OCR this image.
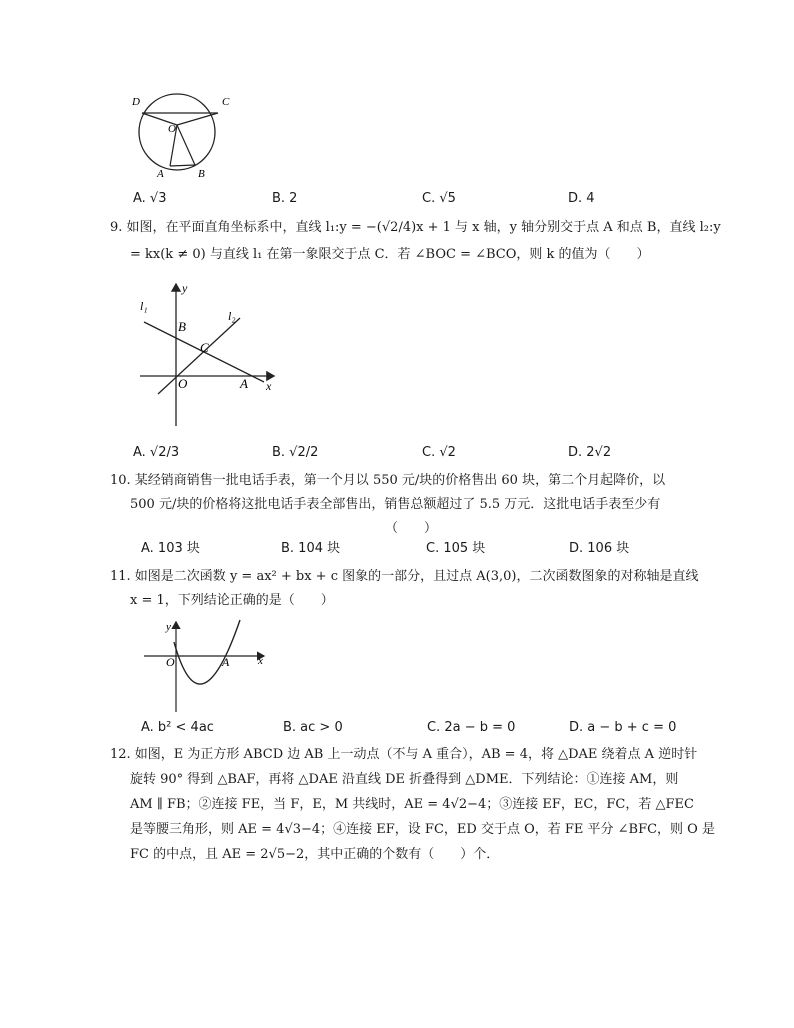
D	C
O
A	B
A. √3	B. 2	C. √5	D. 4
9. 如图，在平面直角坐标系中，直线 l₁:y = −(√2/4)x + 1 与 x 轴，y 轴分别交于点 A 和点 B，直线 l₂:y
= kx(k ≠ 0) 与直线 l₁ 在第一象限交于点 C．若 ∠BOC = ∠BCO，则 k 的值为（　　）
y
l₁
l₂
B
C
O	A x
A. √2/3	B. √2/2	C. √2	D. 2√2
10. 某经销商销售一批电话手表，第一个月以 550 元/块的价格售出 60 块，第二个月起降价，以
500 元/块的价格将这批电话手表全部售出，销售总额超过了 5.5 万元．这批电话手表至少有
（　　）
A. 103 块	B. 104 块	C. 105 块	D. 106 块
11. 如图是二次函数 y = ax² + bx + c 图象的一部分，且过点 A(3,0)，二次函数图象的对称轴是直线
x = 1，下列结论正确的是（　　）
y
O	A	x
A. b² < 4ac	B. ac > 0	C. 2a − b = 0	D. a − b + c = 0
12. 如图，E 为正方形 ABCD 边 AB 上一动点（不与 A 重合），AB = 4，将 △DAE 绕着点 A 逆时针
旋转 90° 得到 △BAF，再将 △DAE 沿直线 DE 折叠得到 △DME．下列结论：①连接 AM，则
AM ∥ FB；②连接 FE，当 F，E，M 共线时，AE = 4√2−4；③连接 EF，EC，FC，若 △FEC
是等腰三角形，则 AE = 4√3−4；④连接 EF，设 FC，ED 交于点 O，若 FE 平分 ∠BFC，则 O 是
FC 的中点，且 AE = 2√5−2，其中正确的个数有（　　）个．
